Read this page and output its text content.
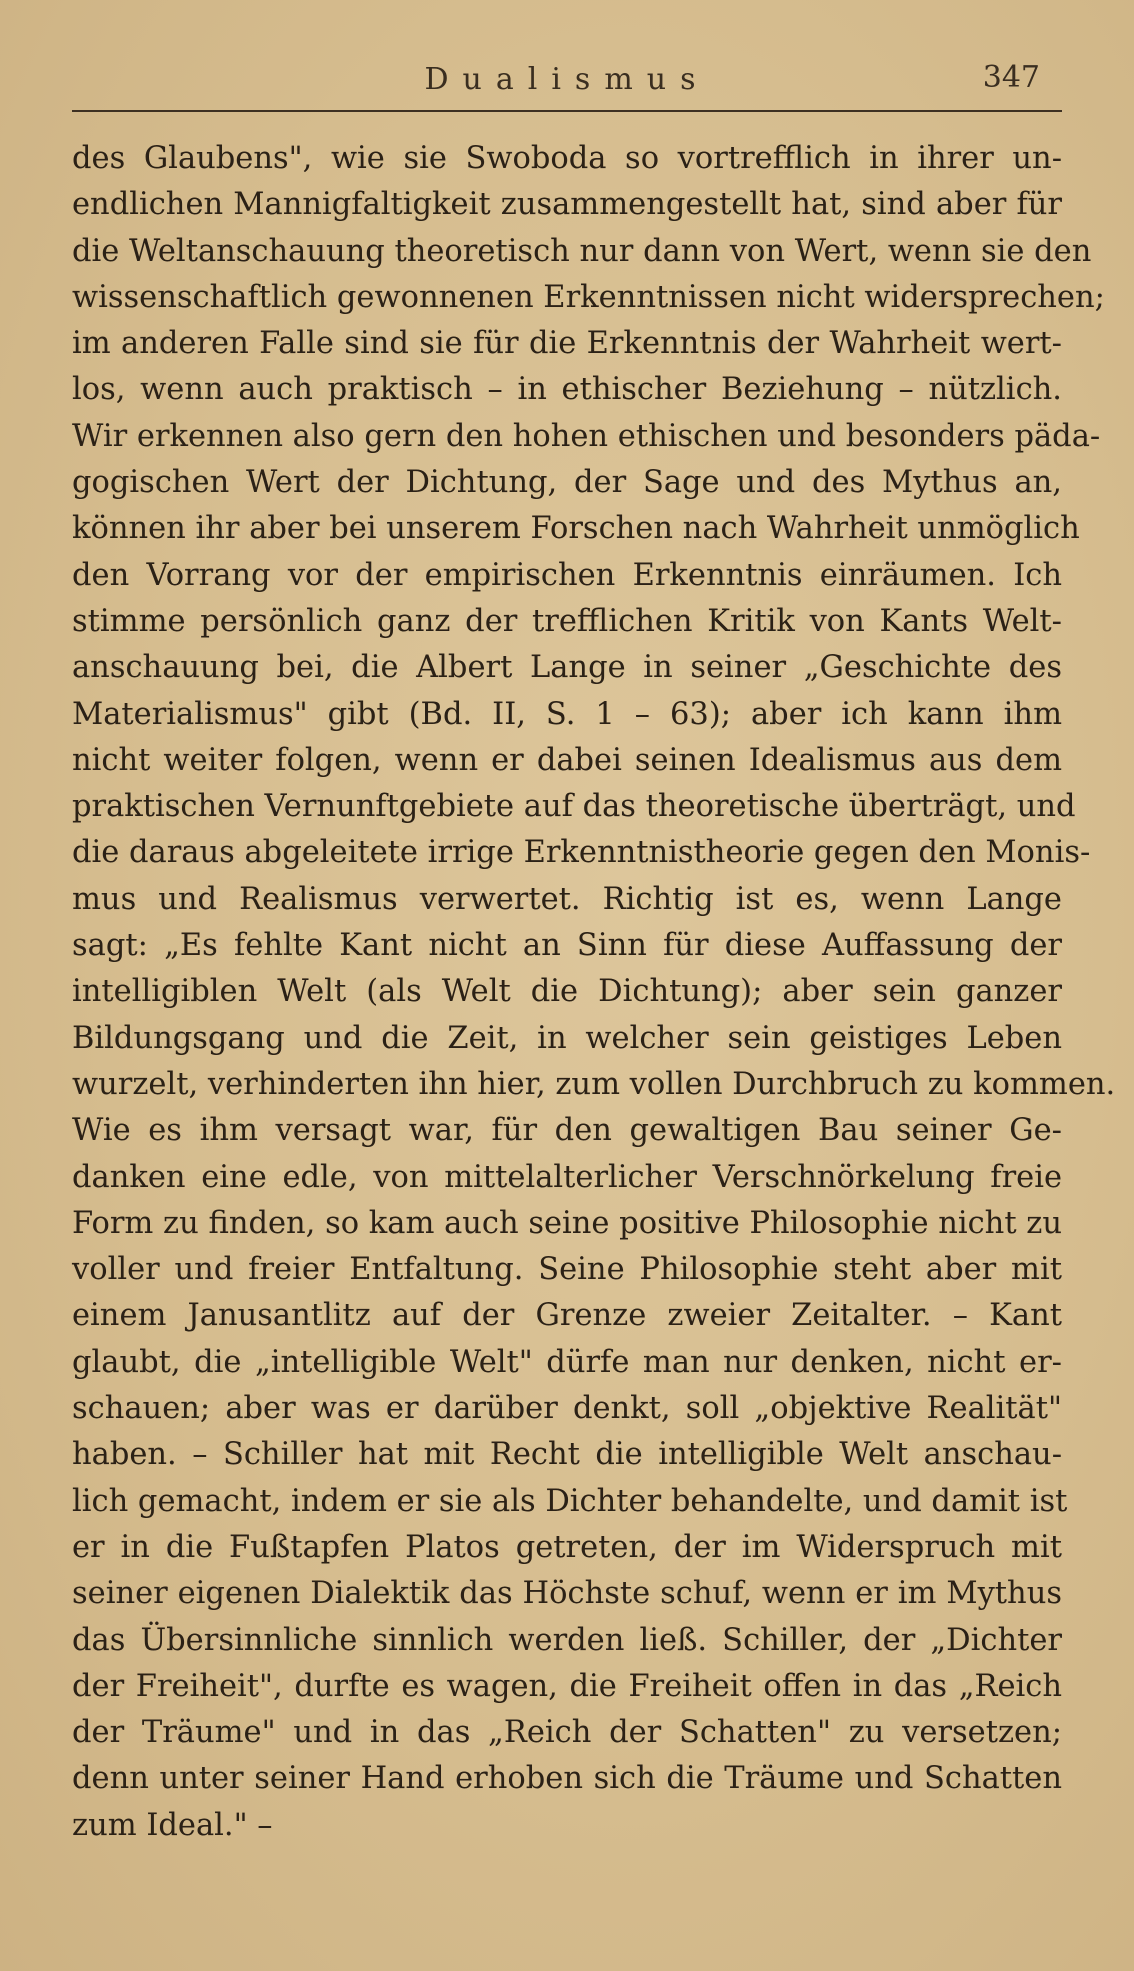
Dualismus	347
des Glaubens", wie sie Swoboda so vortrefflich in ihrer un-
endlichen Mannigfaltigkeit zusammengestellt hat, sind aber für
die Weltanschauung theoretisch nur dann von Wert, wenn sie den
wissenschaftlich gewonnenen Erkenntnissen nicht widersprechen;
im anderen Falle sind sie für die Erkenntnis der Wahrheit wert-
los, wenn auch praktisch – in ethischer Beziehung – nützlich.
Wir erkennen also gern den hohen ethischen und besonders päda-
gogischen Wert der Dichtung, der Sage und des Mythus an,
können ihr aber bei unserem Forschen nach Wahrheit unmöglich
den Vorrang vor der empirischen Erkenntnis einräumen. Ich
stimme persönlich ganz der trefflichen Kritik von Kants Welt-
anschauung bei, die Albert Lange in seiner „Geschichte des
Materialismus" gibt (Bd. II, S. 1 – 63); aber ich kann ihm
nicht weiter folgen, wenn er dabei seinen Idealismus aus dem
praktischen Vernunftgebiete auf das theoretische überträgt, und
die daraus abgeleitete irrige Erkenntnistheorie gegen den Monis-
mus und Realismus verwertet. Richtig ist es, wenn Lange
sagt: „Es fehlte Kant nicht an Sinn für diese Auffassung der
intelligiblen Welt (als Welt die Dichtung); aber sein ganzer
Bildungsgang und die Zeit, in welcher sein geistiges Leben
wurzelt, verhinderten ihn hier, zum vollen Durchbruch zu kommen.
Wie es ihm versagt war, für den gewaltigen Bau seiner Ge-
danken eine edle, von mittelalterlicher Verschnörkelung freie
Form zu finden, so kam auch seine positive Philosophie nicht zu
voller und freier Entfaltung. Seine Philosophie steht aber mit
einem Janusantlitz auf der Grenze zweier Zeitalter. – Kant
glaubt, die „intelligible Welt" dürfe man nur denken, nicht er-
schauen; aber was er darüber denkt, soll „objektive Realität"
haben. – Schiller hat mit Recht die intelligible Welt anschau-
lich gemacht, indem er sie als Dichter behandelte, und damit ist
er in die Fußtapfen Platos getreten, der im Widerspruch mit
seiner eigenen Dialektik das Höchste schuf, wenn er im Mythus
das Übersinnliche sinnlich werden ließ. Schiller, der „Dichter
der Freiheit", durfte es wagen, die Freiheit offen in das „Reich
der Träume" und in das „Reich der Schatten" zu versetzen;
denn unter seiner Hand erhoben sich die Träume und Schatten
zum Ideal." –
